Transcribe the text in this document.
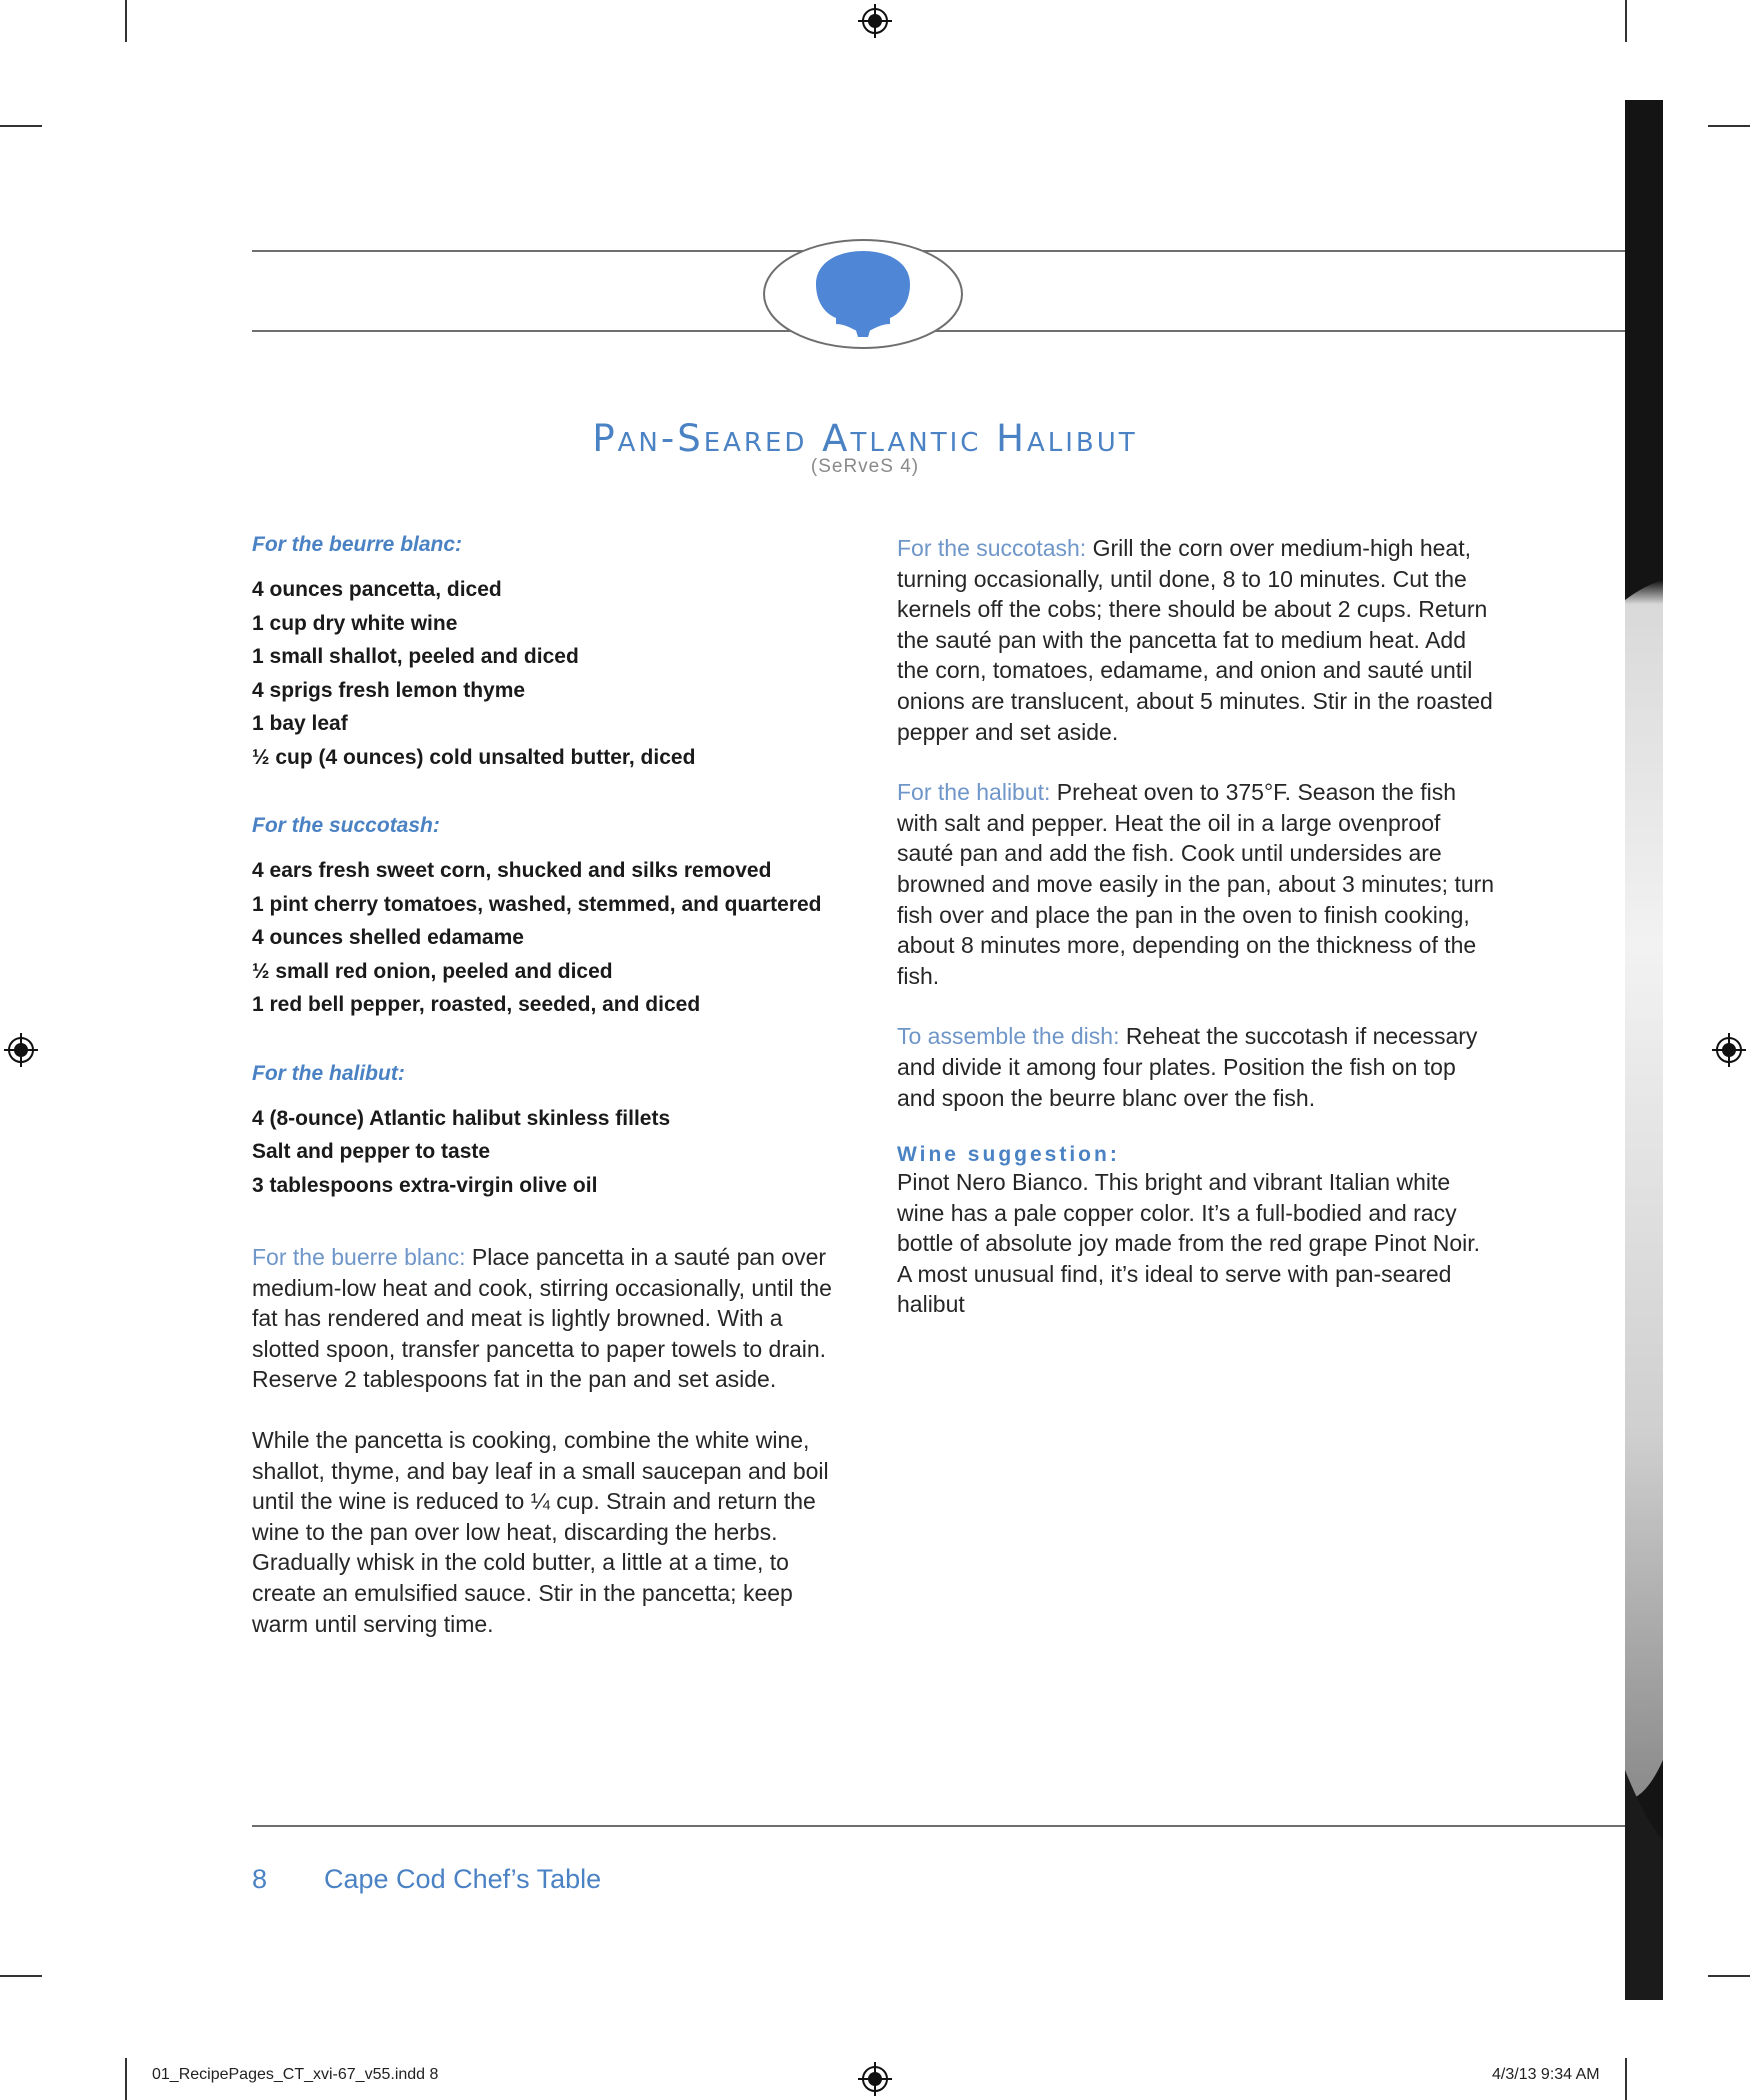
Pan-Seared Atlantic Halibut
(SeRveS 4)

For the beurre blanc:

4 ounces pancetta, diced
1 cup dry white wine
1 small shallot, peeled and diced
4 sprigs fresh lemon thyme
1 bay leaf
½ cup (4 ounces) cold unsalted butter, diced

For the succotash:

4 ears fresh sweet corn, shucked and silks removed
1 pint cherry tomatoes, washed, stemmed, and quartered
4 ounces shelled edamame
½ small red onion, peeled and diced
1 red bell pepper, roasted, seeded, and diced

For the halibut:

4 (8-ounce) Atlantic halibut skinless fillets
Salt and pepper to taste
3 tablespoons extra-virgin olive oil

For the buerre blanc: Place pancetta in a sauté pan over medium-low heat and cook, stirring occasionally, until the fat has rendered and meat is lightly browned. With a slotted spoon, transfer pancetta to paper towels to drain. Reserve 2 tablespoons fat in the pan and set aside.

While the pancetta is cooking, combine the white wine, shallot, thyme, and bay leaf in a small saucepan and boil until the wine is reduced to ¼ cup. Strain and return the wine to the pan over low heat, discarding the herbs. Gradually whisk in the cold butter, a little at a time, to create an emulsified sauce. Stir in the pancetta; keep warm until serving time.

For the succotash: Grill the corn over medium-high heat, turning occasionally, until done, 8 to 10 minutes. Cut the kernels off the cobs; there should be about 2 cups. Return the sauté pan with the pancetta fat to medium heat. Add the corn, tomatoes, edamame, and onion and sauté until onions are translucent, about 5 minutes. Stir in the roasted pepper and set aside.

For the halibut: Preheat oven to 375°F. Season the fish with salt and pepper. Heat the oil in a large ovenproof sauté pan and add the fish. Cook until undersides are browned and move easily in the pan, about 3 minutes; turn fish over and place the pan in the oven to finish cooking, about 8 minutes more, depending on the thickness of the fish.

To assemble the dish: Reheat the succotash if necessary and divide it among four plates. Position the fish on top and spoon the beurre blanc over the fish.

Wine suggestion:

Pinot Nero Bianco. This bright and vibrant Italian white wine has a pale copper color. It’s a full-bodied and racy bottle of absolute joy made from the red grape Pinot Noir. A most unusual find, it’s ideal to serve with pan-seared halibut

8 Cape Cod Chef’s Table
01_RecipePages_CT_xvi-67_v55.indd 8	4/3/13 9:34 AM
